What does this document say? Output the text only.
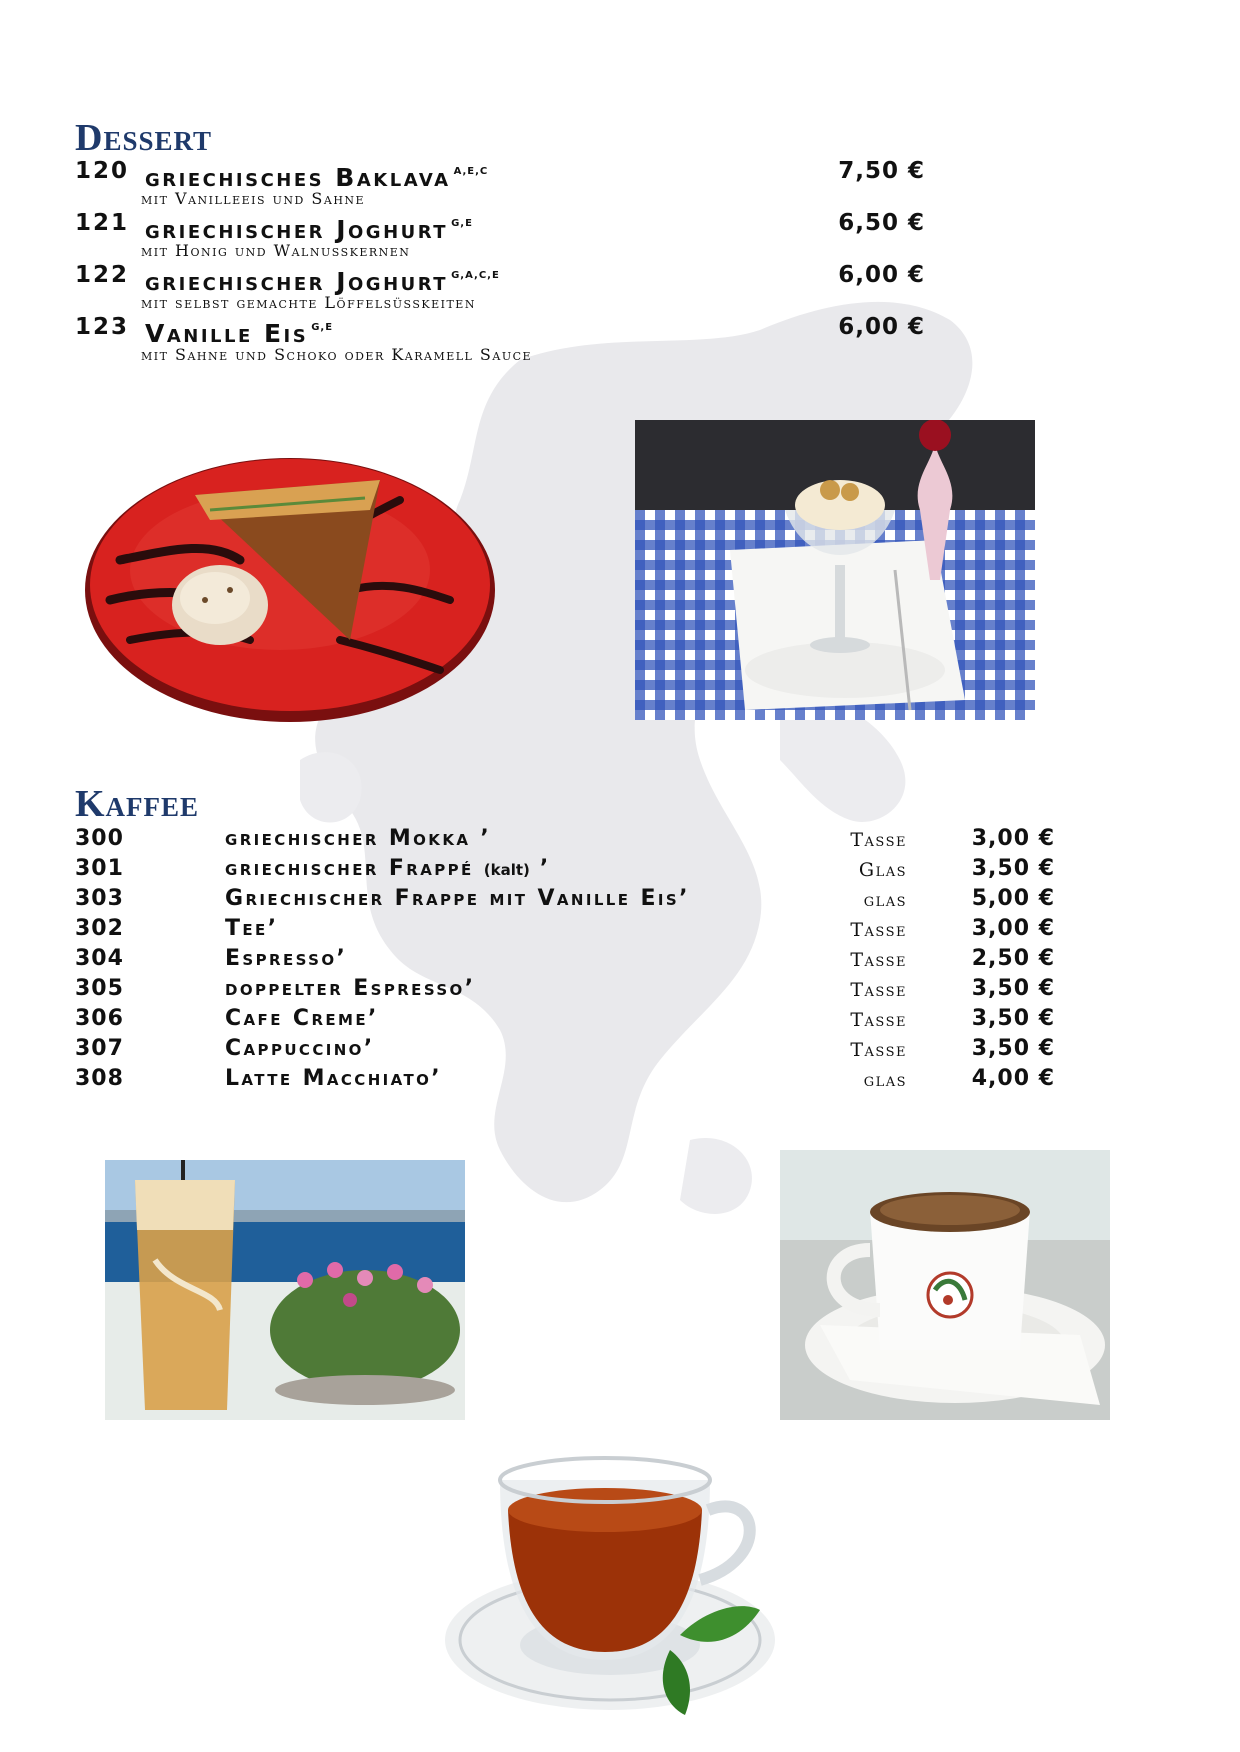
Dessert
120 griechisches Baklava $^{A,E,C}$	7,50 €
mit Vanilleeis und Sahne
121 griechischer Joghurt $^{G,E}$	6,50 €
mit Honig und Walnusskernen
122 griechischer Joghurt $^{G,A,C,E}$	6,00 €
mit selbst gemachte Löffelsüsskeiten
123 Vanille Eis $^{G,E}$	6,00 €
mit Sahne und Schoko oder Karamell Sauce
Kaffee
300	griechischer Mokka ’	Tasse	3,00 €
301	griechischer Frappé (kalt) ’	Glas	3,50 €
303	Griechischer Frappe mit Vanille Eis’	glas	5,00 €
302	Tee’	Tasse	3,00 €
304	Espresso’	Tasse	2,50 €
305	doppelter Espresso’	Tasse	3,50 €
306	Cafe Creme’	Tasse	3,50 €
307	Cappuccino’	Tasse	3,50 €
308	Latte Macchiato’	glas	4,00 €
